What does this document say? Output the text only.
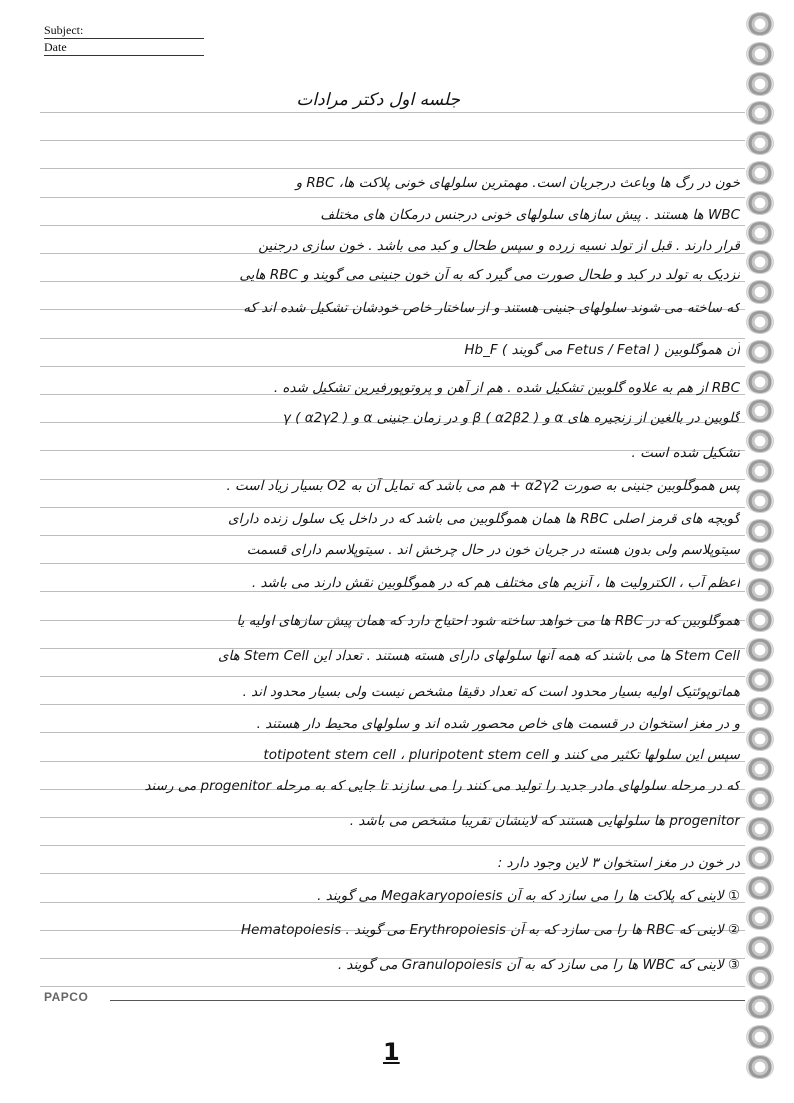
Subject:
Date
جلسه اول دکتر مرادات
خون در رگ ها وباعث درجریان است. مهمترین سلولهای خونی پلاکت ها، RBC و
WBC ها هستند . پیش سازهای سلولهای خونی درجنس درمکان های مختلف
قرار دارند . قبل از تولد نسیه زرده و سپس طحال و کبد می باشد . خون سازی درجنین
نزدیک به تولد در کبد و طحال صورت می گیرد که به آن خون جنینی می گویند و RBC هایی
که ساخته می شوند سلولهای جنینی هستند و از ساختار خاص خودشان تشکیل شده اند که
آن هموگلوبین ( Fetus / Fetal می گویند ) Hb_F
RBC از هم به علاوه گلوبین تشکیل شده . هم از آهن و پروتوپورفیرین تشکیل شده .
گلوبین در بالغین از زنجیره های α و β ( α2β2 ) و در زمان جنینی α و γ ( α2γ2 )
تشکیل شده است .
پس هموگلوبین جنینی به صورت α2γ2 + هم می باشد که تمایل آن به O2 بسیار زیاد است .
گویچه های قرمز اصلی RBC ها همان هموگلوبین می باشد که در داخل یک سلول زنده دارای
سیتوپلاسم ولی بدون هسته در جریان خون در حال چرخش اند . سیتوپلاسم دارای قسمت
اعظم آب ، الکترولیت ها ، آنزیم های مختلف هم که در هموگلوبین نقش دارند می باشد .
هموگلوبین که در RBC ها می خواهد ساخته شود احتیاج دارد که همان پیش سازهای اولیه یا
Stem Cell ها می باشند که همه آنها سلولهای دارای هسته هستند . تعداد این Stem Cell های
هماتوپوئتیک اولیه بسیار محدود است که تعداد دقیقا مشخص نیست ولی بسیار محدود اند .
و در مغز استخوان در قسمت های خاص محصور شده اند و سلولهای محیط دار هستند .
سپس این سلولها تکثیر می کنند و totipotent stem cell ، pluripotent stem cell
که در مرحله سلولهای مادر جدید را تولید می کنند را می سازند تا جایی که به مرحله progenitor می رسند
progenitor ها سلولهایی هستند که لاینشان تقریبا مشخص می باشد .
در خون در مغز استخوان ۳ لاین وجود دارد :
① لاینی که پلاکت ها را می سازد که به آن Megakaryopoiesis می گویند .
② لاینی که RBC ها را می سازد که به آن Erythropoiesis می گویند . Hematopoiesis
③ لاینی که WBC ها را می سازد که به آن Granulopoiesis می گویند .
PAPCO
1
